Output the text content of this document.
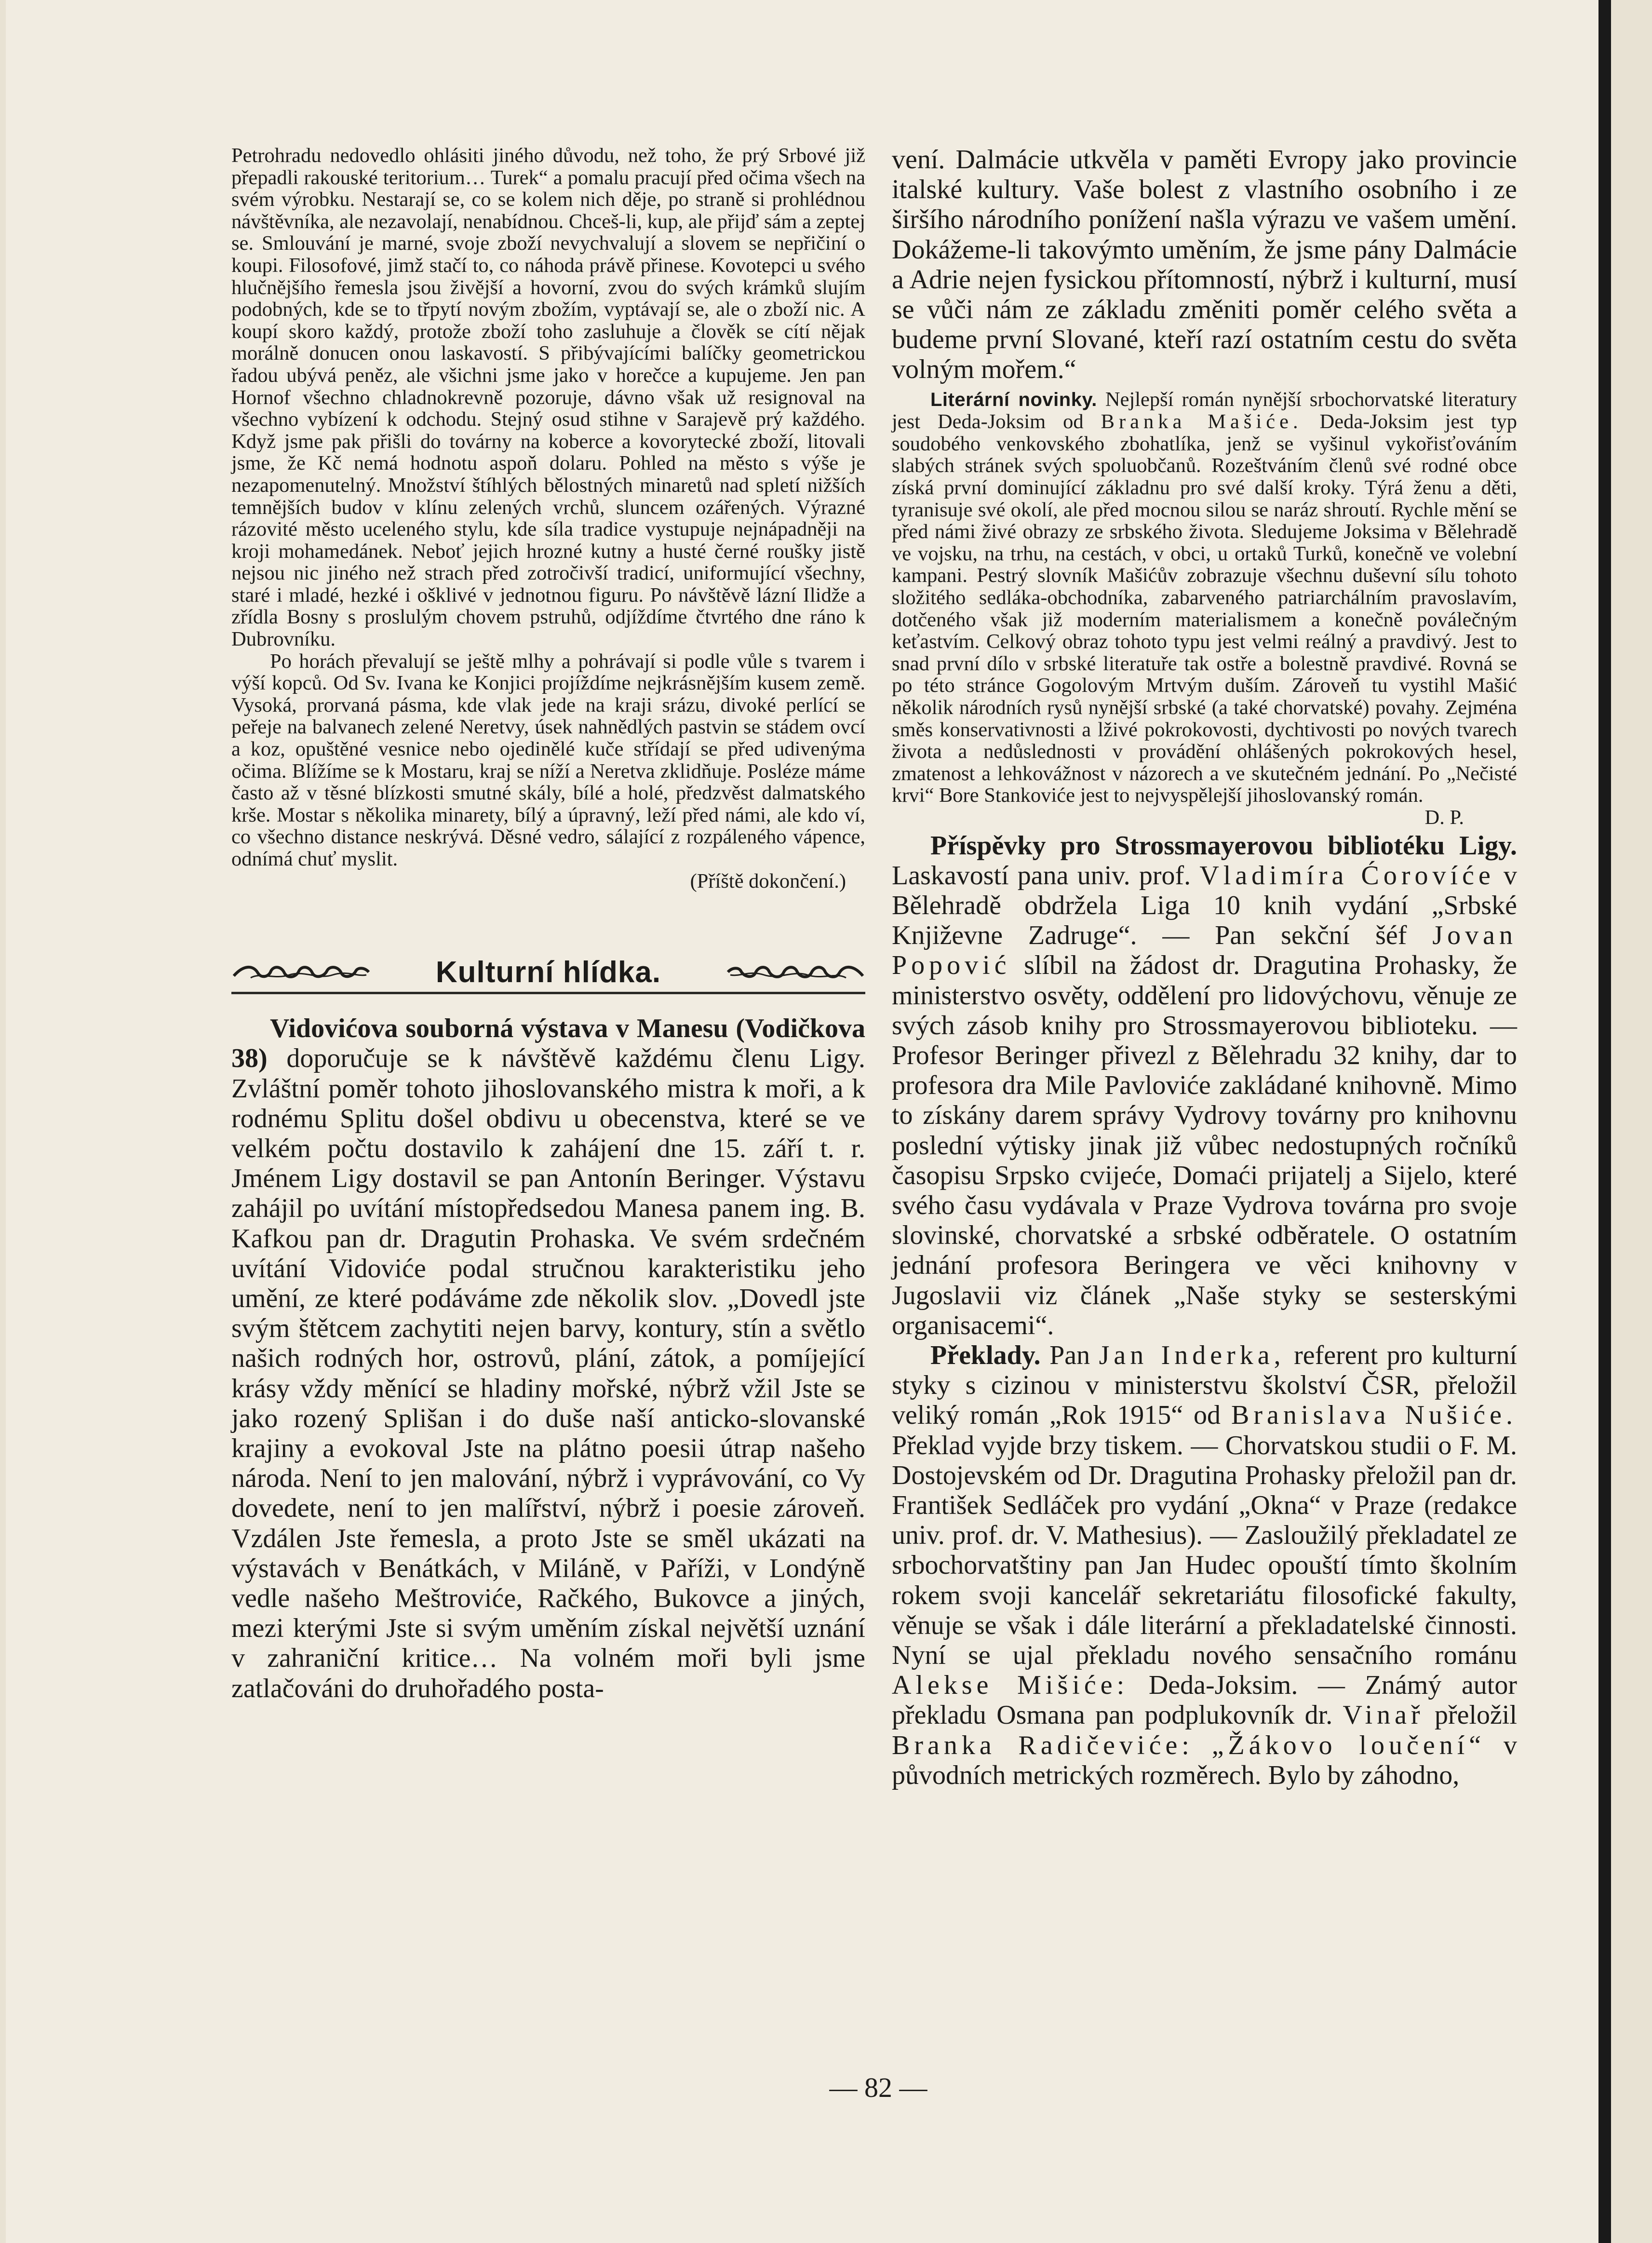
Petrohradu nedovedlo ohlásiti jiného důvodu, než toho, že prý Srbové již přepadli rakouské teritorium… Turek“ a pomalu pracují před očima všech na svém výrobku. Nestarají se, co se kolem nich děje, po straně si prohlédnou návštěvníka, ale nezavolají, nenabídnou. Chceš-li, kup, ale přijď sám a zeptej se. Smlouvání je marné, svoje zboží nevychvalují a slovem se nepřičiní o koupi. Filosofové, jimž stačí to, co náhoda právě přinese. Kovotepci u svého hlučnějšího řemesla jsou živější a hovorní, zvou do svých krámků slujím podobných, kde se to třpytí novým zbožím, vyptávají se, ale o zboží nic. A koupí skoro každý, protože zboží toho zasluhuje a člověk se cítí nějak morálně donucen onou laskavostí. S přibývajícími balíčky geometrickou řadou ubývá peněz, ale všichni jsme jako v horečce a kupujeme. Jen pan Hornof všechno chladnokrevně pozoruje, dávno však už resignoval na všechno vybízení k odchodu. Stejný osud stihne v Sarajevě prý každého. Když jsme pak přišli do továrny na koberce a kovorytecké zboží, litovali jsme, že Kč nemá hodnotu aspoň dolaru. Pohled na město s výše je nezapomenutelný. Množství štíhlých bělostných minaretů nad spletí nižších temnějších budov v klínu zelených vrchů, sluncem ozářených. Výrazné rázovité město uceleného stylu, kde síla tradice vystupuje nejnápadněji na kroji mohamedánek. Neboť jejich hrozné kutny a husté černé roušky jistě nejsou nic jiného než strach před zotročivší tradicí, uniformující všechny, staré i mladé, hezké i ošklivé v jednotnou figuru. Po návštěvě lázní Ilidže a zřídla Bosny s proslulým chovem pstruhů, odjíždíme čtvrtého dne ráno k Dubrovníku.

Po horách převalují se ještě mlhy a pohrávají si podle vůle s tvarem i výší kopců. Od Sv. Ivana ke Konjici projíždíme nejkrásnějším kusem země. Vysoká, prorvaná pásma, kde vlak jede na kraji srázu, divoké perlící se peřeje na balvanech zelené Neretvy, úsek nahnědlých pastvin se stádem ovcí a koz, opuštěné vesnice nebo ojedinělé kuče střídají se před udivenýma očima. Blížíme se k Mostaru, kraj se níží a Neretva zklidňuje. Posléze máme často až v těsné blízkosti smutné skály, bílé a holé, předzvěst dalmatského krše. Mostar s několika minarety, bílý a úpravný, leží před námi, ale kdo ví, co všechno distance neskrývá. Děsné vedro, sálající z rozpáleného vápence, odnímá chuť myslit.

(Příště dokončení.)

Kulturní hlídka.

Vidovićova souborná výstava v Manesu (Vodičkova 38) doporučuje se k návštěvě každému členu Ligy. Zvláštní poměr tohoto jihoslovanského mistra k moři, a k rodnému Splitu došel obdivu u obecenstva, které se ve velkém počtu dostavilo k zahájení dne 15. září t. r. Jménem Ligy dostavil se pan Antonín Beringer. Výstavu zahájil po uvítání místopředsedou Manesa panem ing. B. Kafkou pan dr. Dragutin Prohaska. Ve svém srdečném uvítání Vidoviće podal stručnou karakteristiku jeho umění, ze které podáváme zde několik slov. „Dovedl jste svým štětcem zachytiti nejen barvy, kontury, stín a světlo našich rodných hor, ostrovů, plání, zátok, a pomíjející krásy vždy měnící se hladiny mořské, nýbrž vžil Jste se jako rozený Splišan i do duše naší anticko-slovanské krajiny a evokoval Jste na plátno poesii útrap našeho národa. Není to jen malování, nýbrž i vyprávování, co Vy dovedete, není to jen malířství, nýbrž i poesie zároveň. Vzdálen Jste řemesla, a proto Jste se směl ukázati na výstavách v Benátkách, v Miláně, v Paříži, v Londýně vedle našeho Meštroviće, Račkého, Bukovce a jiných, mezi kterými Jste si svým uměním získal největší uznání v zahraniční kritice… Na volném moři byli jsme zatlačováni do druhořadého posta-

vení. Dalmácie utkvěla v paměti Evropy jako provincie italské kultury. Vaše bolest z vlastního osobního i ze širšího národního ponížení našla výrazu ve vašem umění. Dokážeme-li takovýmto uměním, že jsme pány Dalmácie a Adrie nejen fysickou přítomností, nýbrž i kulturní, musí se vůči nám ze základu změniti poměr celého světa a budeme první Slované, kteří razí ostatním cestu do světa volným mořem.“

Literární novinky. Nejlepší román nynější srbochorvatské literatury jest Deda-Joksim od Branka Mašiće. Deda-Joksim jest typ soudobého venkovského zbohatlíka, jenž se vyšinul vykořisťováním slabých stránek svých spoluobčanů. Rozeštváním členů své rodné obce získá první dominující základnu pro své další kroky. Týrá ženu a děti, tyranisuje své okolí, ale před mocnou silou se naráz shroutí. Rychle mění se před námi živé obrazy ze srbského života. Sledujeme Joksima v Bělehradě ve vojsku, na trhu, na cestách, v obci, u ortaků Turků, konečně ve volební kampani. Pestrý slovník Mašićův zobrazuje všechnu duševní sílu tohoto složitého sedláka-obchodníka, zabarveného patriarchálním pravoslavím, dotčeného však již moderním materialismem a konečně poválečným keťastvím. Celkový obraz tohoto typu jest velmi reálný a pravdivý. Jest to snad první dílo v srbské literatuře tak ostře a bolestně pravdivé. Rovná se po této stránce Gogolovým Mrtvým duším. Zároveň tu vystihl Mašić několik národních rysů nynější srbské (a také chorvatské) povahy. Zejména směs konservativnosti a lživé pokrokovosti, dychtivosti po nových tvarech života a nedůslednosti v provádění ohlášených pokrokových hesel, zmatenost a lehkovážnost v názorech a ve skutečném jednání. Po „Nečisté krvi“ Bore Stankoviće jest to nejvyspělejší jihoslovanský román.

D. P.

Příspěvky pro Strossmayerovou bibliotéku Ligy. Laskavostí pana univ. prof. Vladimíra Ćorovíće v Bělehradě obdržela Liga 10 knih vydání „Srbské Književne Zadruge“. — Pan sekční šéf Jovan Popović slíbil na žádost dr. Dragutina Prohasky, že ministerstvo osvěty, oddělení pro lidovýchovu, věnuje ze svých zásob knihy pro Strossmayerovou biblioteku. — Profesor Beringer přivezl z Bělehradu 32 knihy, dar to profesora dra Mile Pavloviće zakládané knihovně. Mimo to získány darem správy Vydrovy továrny pro knihovnu poslední výtisky jinak již vůbec nedostupných ročníků časopisu Srpsko cvijeće, Domaći prijatelj a Sijelo, které svého času vydávala v Praze Vydrova továrna pro svoje slovinské, chorvatské a srbské odběratele. O ostatním jednání profesora Beringera ve věci knihovny v Jugoslavii viz článek „Naše styky se sesterskými organisacemi“.

Překlady. Pan Jan Inderka, referent pro kulturní styky s cizinou v ministerstvu školství ČSR, přeložil veliký román „Rok 1915“ od Branislava Nušiće. Překlad vyjde brzy tiskem. — Chorvatskou studii o F. M. Dostojevském od Dr. Dragutina Prohasky přeložil pan dr. František Sedláček pro vydání „Okna“ v Praze (redakce univ. prof. dr. V. Mathesius). — Zasloužilý překladatel ze srbochorvatštiny pan Jan Hudec opouští tímto školním rokem svoji kancelář sekretariátu filosofické fakulty, věnuje se však i dále literární a překladatelské činnosti. Nyní se ujal překladu nového sensačního románu Alekse Mišiće: Deda-Joksim. — Známý autor překladu Osmana pan podplukovník dr. Vinař přeložil Branka Radičeviće: „Žákovo loučení“ v původních metrických rozměrech. Bylo by záhodno,

— 82 —
